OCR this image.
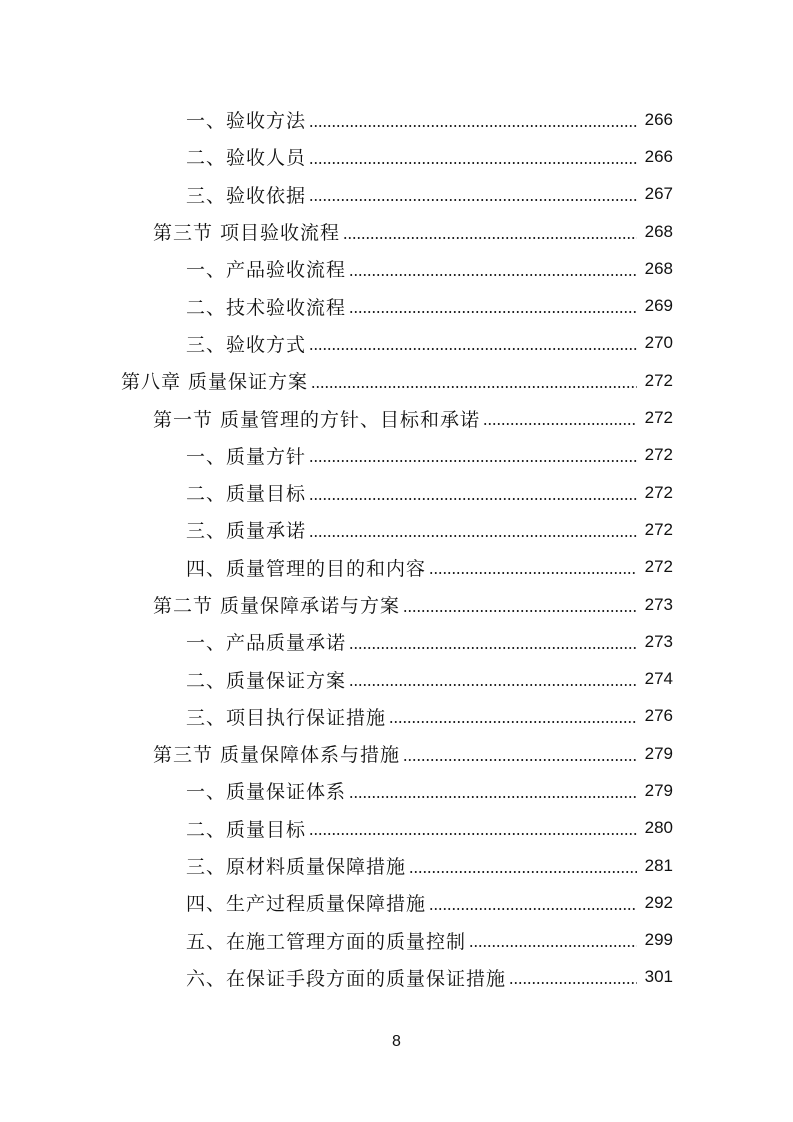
一、验收方法	266
二、验收人员	266
三、验收依据	267
第三节 项目验收流程	268
一、产品验收流程	268
二、技术验收流程	269
三、验收方式	270
第八章 质量保证方案	272
第一节 质量管理的方针、目标和承诺	272
一、质量方针	272
二、质量目标	272
三、质量承诺	272
四、质量管理的目的和内容	272
第二节 质量保障承诺与方案	273
一、产品质量承诺	273
二、质量保证方案	274
三、项目执行保证措施	276
第三节 质量保障体系与措施	279
一、质量保证体系	279
二、质量目标	280
三、原材料质量保障措施	281
四、生产过程质量保障措施	292
五、在施工管理方面的质量控制	299
六、在保证手段方面的质量保证措施	301
8
